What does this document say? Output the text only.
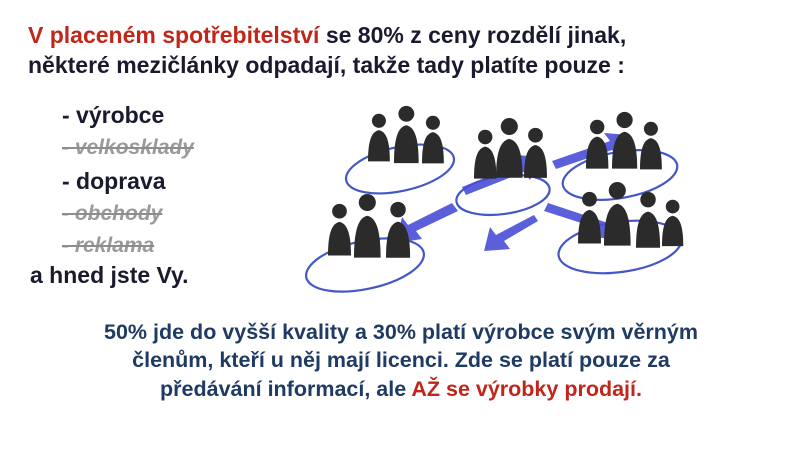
V placeném spotřebitelství se 80% z ceny rozdělí jinak,
některé mezičlánky odpadají, takže tady platíte pouze :
- výrobce
- velkosklady
- doprava
- obchody
- reklama
a hned jste Vy.
50% jde do vyšší kvality a 30% platí výrobce svým věrným
členům, kteří u něj mají licenci. Zde se platí pouze za
předávání informací, ale AŽ se výrobky prodají.
